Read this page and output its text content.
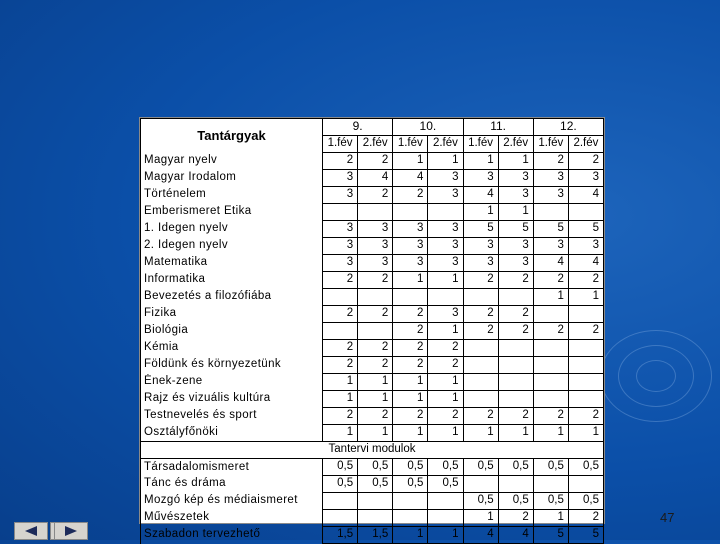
Tantárgyak	9.		10.		11.		12.	
	1.fév	2.fév	1.fév	2.fév	1.fév	2.fév	1.fév	2.fév
Magyar nyelv	2	2	1	1	1	1	2	2
Magyar Irodalom	3	4	4	3	3	3	3	3
Történelem	3	2	2	3	4	3	3	4
Emberismeret Etika					1	1		
1. Idegen nyelv	3	3	3	3	5	5	5	5
2. Idegen nyelv	3	3	3	3	3	3	3	3
Matematika	3	3	3	3	3	3	4	4
Informatika	2	2	1	1	2	2	2	2
Bevezetés a filozófiába							1	1
Fizika	2	2	2	3	2	2		
Biológia			2	1	2	2	2	2
Kémia	2	2	2	2				
Földünk és környezetünk	2	2	2	2				
Ének-zene	1	1	1	1				
Rajz és vizuális kultúra	1	1	1	1				
Testnevelés és sport	2	2	2	2	2	2	2	2
Osztályfőnöki	1	1	1	1	1	1	1	1
Tantervi modulok								
Társadalomismeret	0,5	0,5	0,5	0,5	0,5	0,5	0,5	0,5
Tánc és dráma	0,5	0,5	0,5	0,5				
Mozgó kép és médiaismeret					0,5	0,5	0,5	0,5
Művészetek					1	2	1	2
Szabadon tervezhető	1,5	1,5	1	1	4	4	5	5
47
